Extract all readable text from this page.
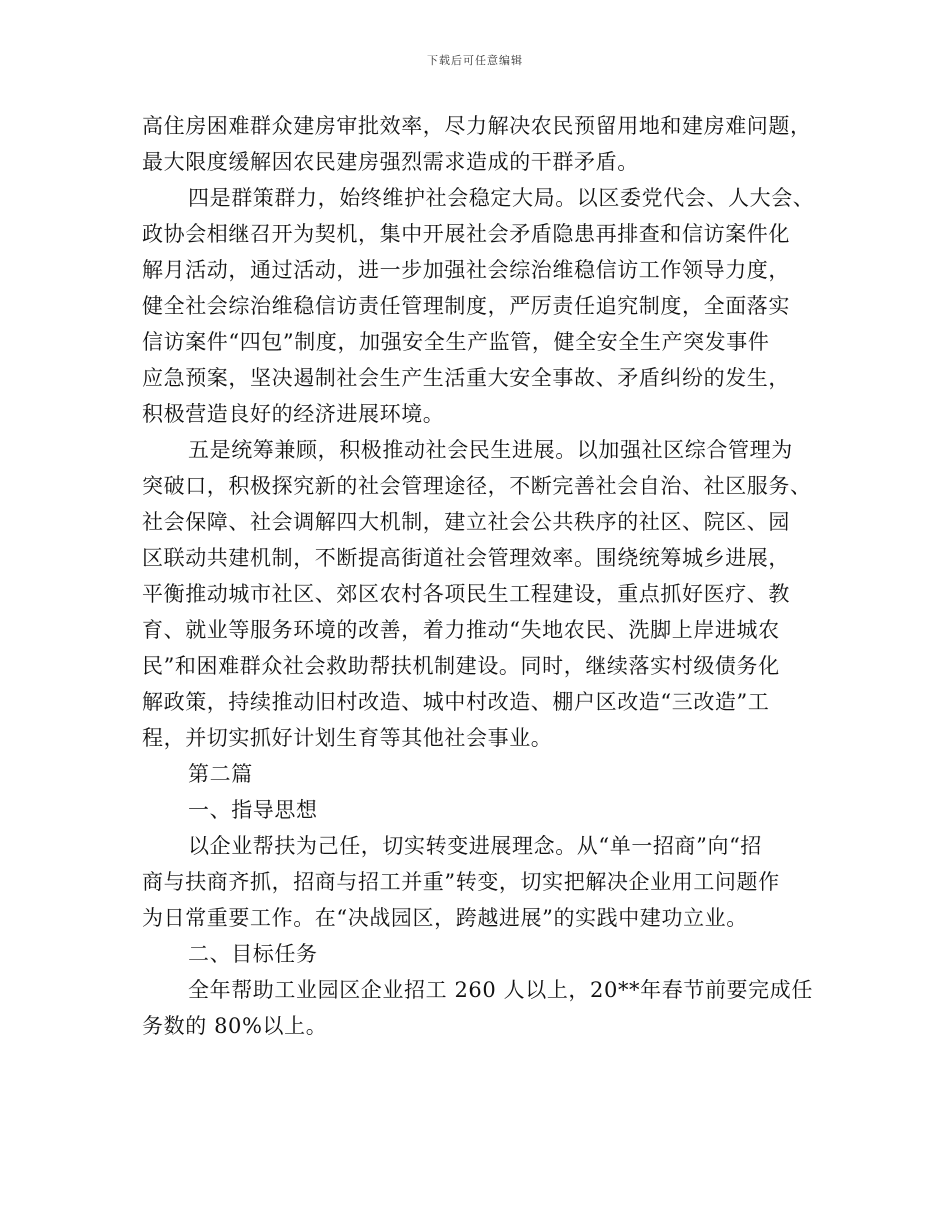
下载后可任意编辑
高住房困难群众建房审批效率，尽力解决农民预留用地和建房难问题，
最大限度缓解因农民建房强烈需求造成的干群矛盾。
四是群策群力，始终维护社会稳定大局。以区委党代会、人大会、
政协会相继召开为契机，集中开展社会矛盾隐患再排查和信访案件化
解月活动，通过活动，进一步加强社会综治维稳信访工作领导力度，
健全社会综治维稳信访责任管理制度，严厉责任追究制度，全面落实
信访案件“四包”制度，加强安全生产监管，健全安全生产突发事件
应急预案，坚决遏制社会生产生活重大安全事故、矛盾纠纷的发生，
积极营造良好的经济进展环境。
五是统筹兼顾，积极推动社会民生进展。以加强社区综合管理为
突破口，积极探究新的社会管理途径，不断完善社会自治、社区服务、
社会保障、社会调解四大机制，建立社会公共秩序的社区、院区、园
区联动共建机制，不断提高街道社会管理效率。围绕统筹城乡进展，
平衡推动城市社区、郊区农村各项民生工程建设，重点抓好医疗、教
育、就业等服务环境的改善，着力推动“失地农民、洗脚上岸进城农
民”和困难群众社会救助帮扶机制建设。同时，继续落实村级债务化
解政策，持续推动旧村改造、城中村改造、棚户区改造“三改造”工
程，并切实抓好计划生育等其他社会事业。
第二篇
一、指导思想
以企业帮扶为己任，切实转变进展理念。从“单一招商”向“招
商与扶商齐抓，招商与招工并重”转变，切实把解决企业用工问题作
为日常重要工作。在“决战园区，跨越进展”的实践中建功立业。
二、目标任务
全年帮助工业园区企业招工 260 人以上，20**年春节前要完成任
务数的 80%以上。
